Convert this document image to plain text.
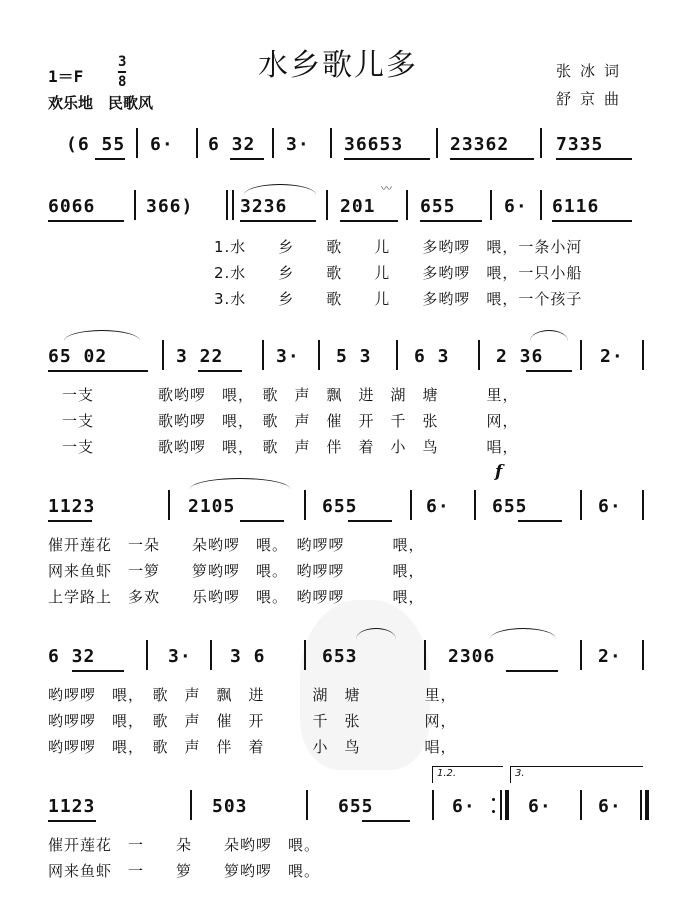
水乡歌儿多
1＝F
3
8
欢乐地　民歌风
张冰词
舒京曲
(6 55 6· 6 32 3· 36653	23362	7335
6066	366)	3236	201 655	6· 6116
〰
1.水　　乡　　歌　　儿　　多哟啰　喂，一条小河
2.水　　乡　　歌　　儿　　多哟啰　喂，一只小船
3.水　　乡　　歌　　儿　　多哟啰　喂，一个孩子
65 02	3 22	3· 5 3 6 3	2 36	2·
一支　　　　歌哟啰　喂，　歌　声　飘　进　湖　塘　　　里，
一支　　　　歌哟啰　喂，　歌　声　催　开　千　张　　　网，
一支　　　　歌哟啰　喂，　歌　声　伴　着　小　鸟　　　唱，
f
1123	2105	655	6· 655	6·
催开莲花　一朵　　朵哟啰　喂。　哟啰啰　　　喂，
网来鱼虾　一箩　　箩哟啰　喂。　哟啰啰　　　喂，
上学路上　多欢　　乐哟啰　喂。　哟啰啰　　　喂，
6 32	3· 3 6	653	2306	2·
哟啰啰　喂，　歌　声　飘　进　　　湖　塘　　　　里，
哟啰啰　喂，　歌　声　催　开　　　千　张　　　　网，
哟啰啰　喂，　歌　声　伴　着　　　小　鸟　　　　唱，
1.2.	3.
1123	503	655	6·	6·	6·
催开莲花　一　　朵　　朵哟啰　喂。
网来鱼虾　一　　箩　　箩哟啰　喂。
